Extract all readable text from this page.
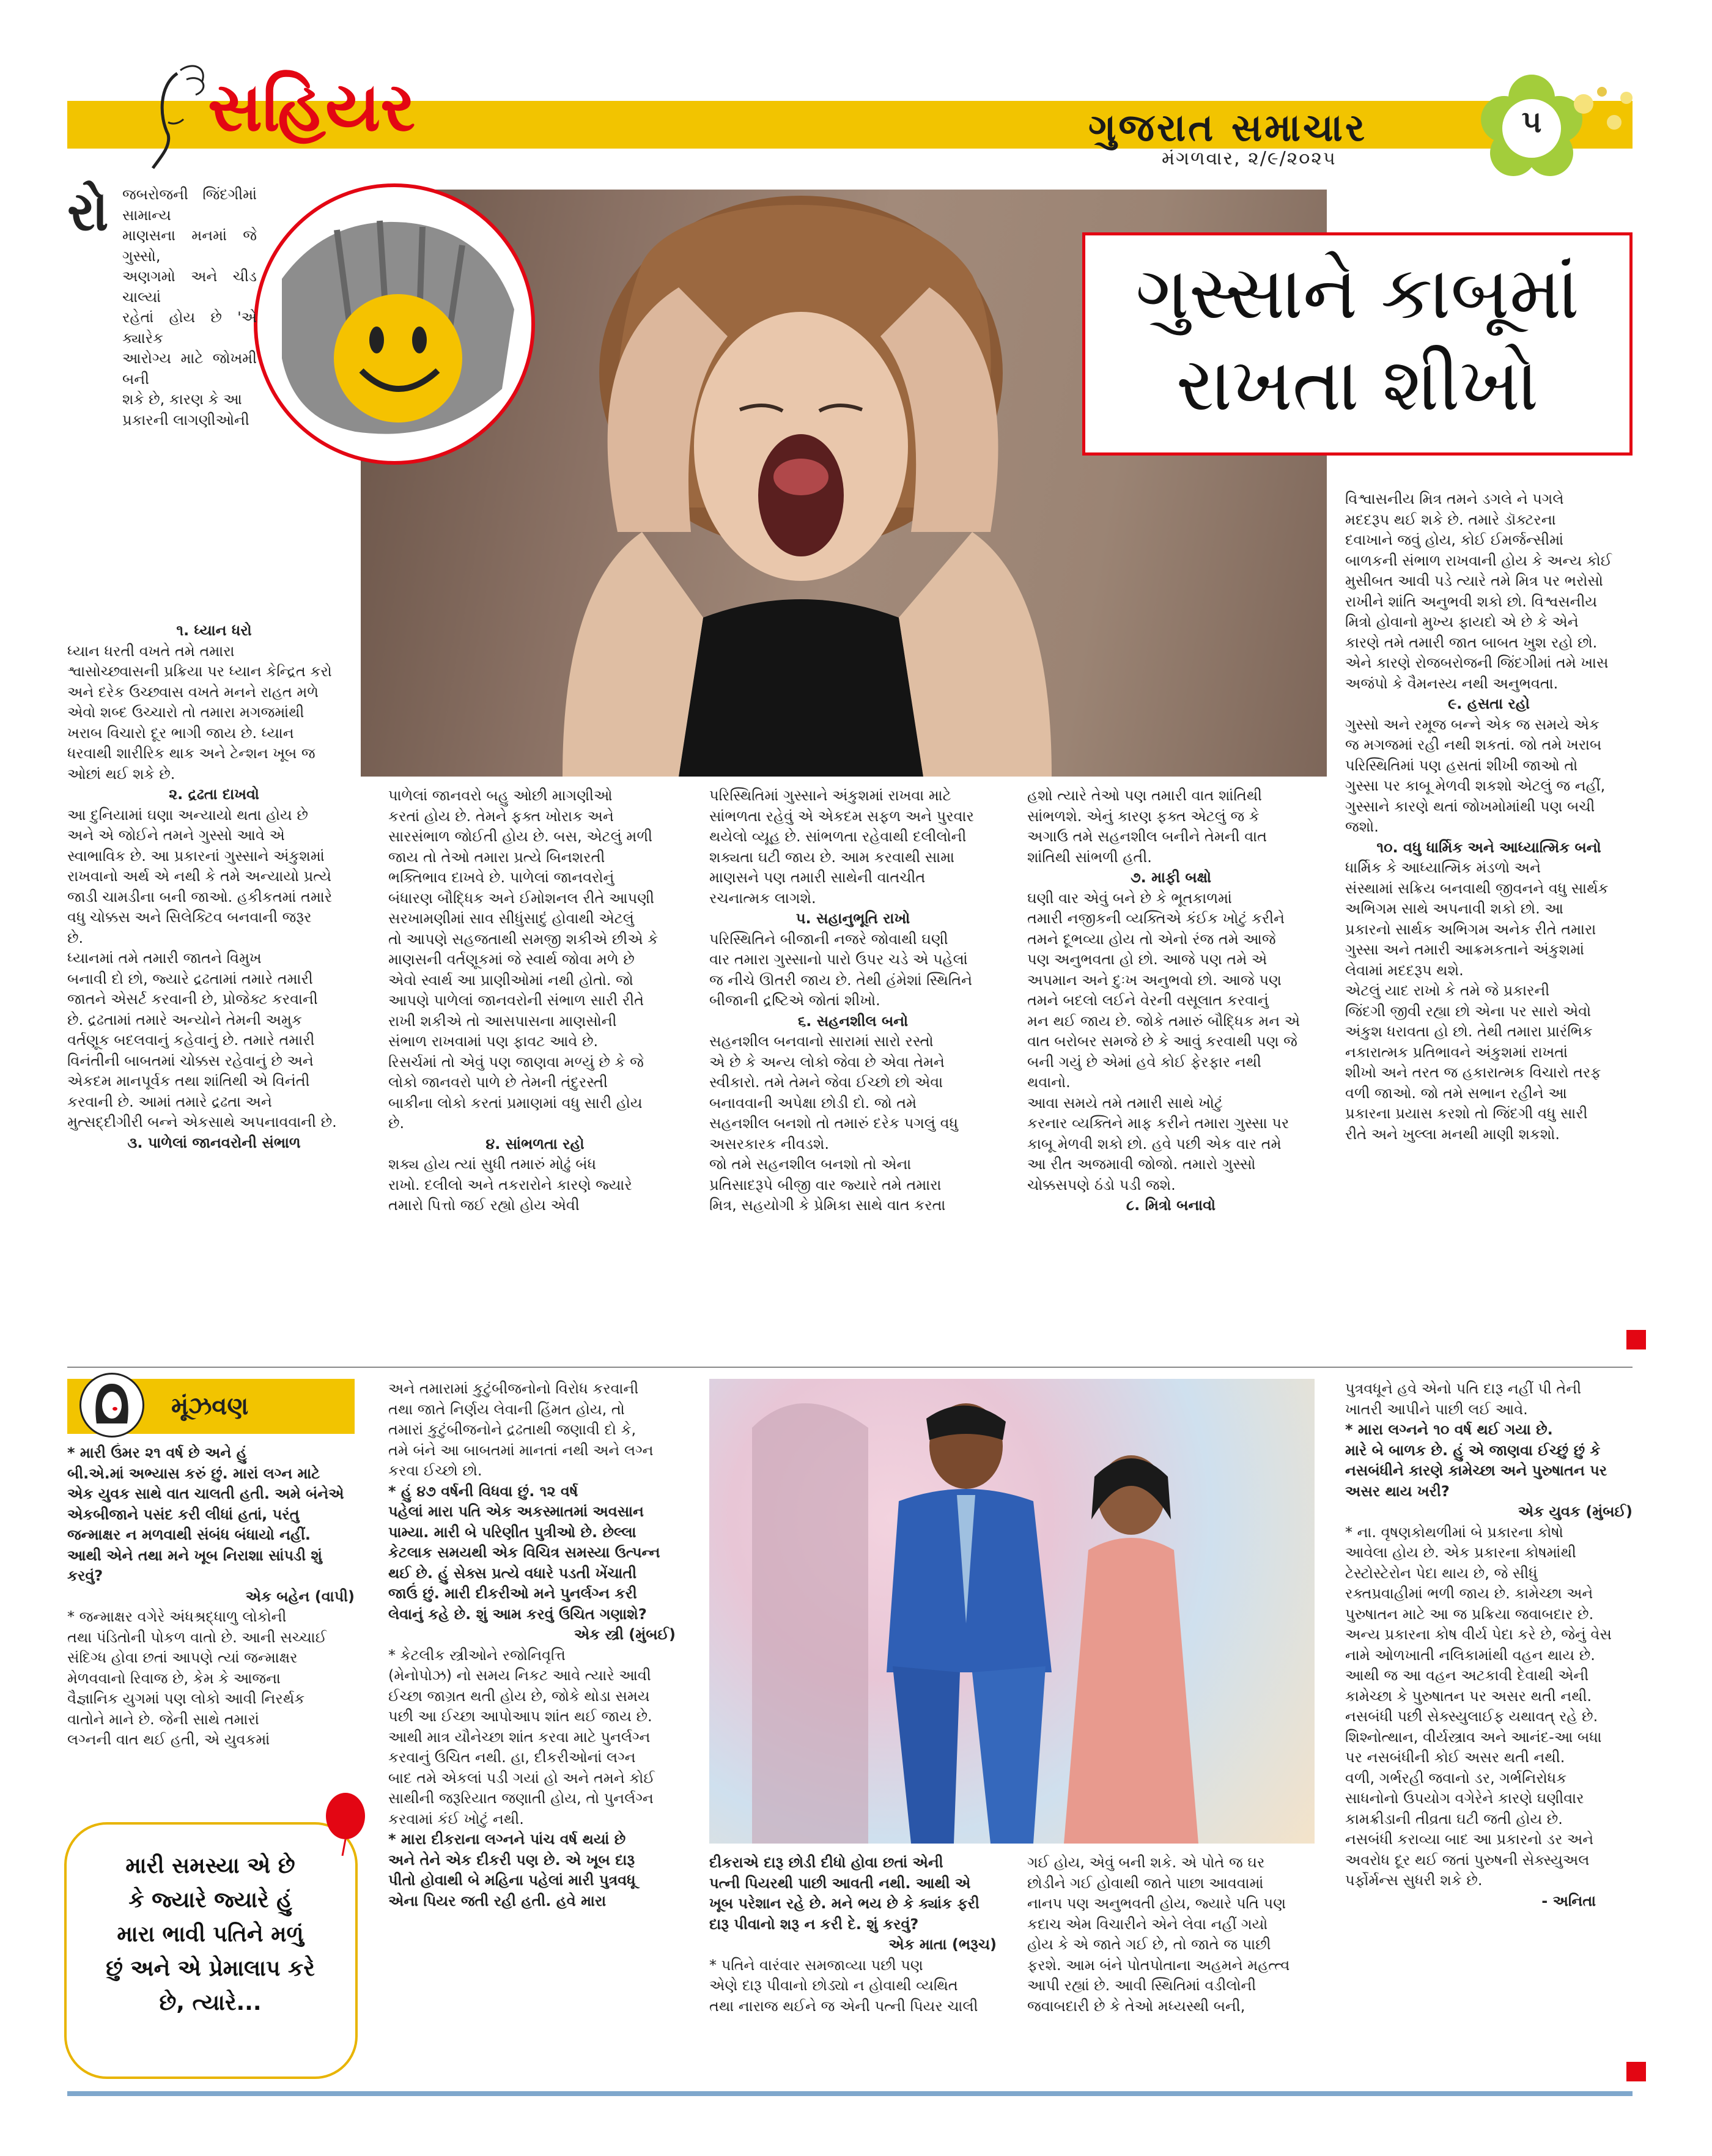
સહિયર	ગુજરાત સમાચાર
મંગળવાર, ૨/૯/૨૦૨૫
૫
ગુસ્સાને કાબૂમાં
રાખતા શીખો
રો જબરોજની જિંદગીમાં સામાન્ય
માણસના મનમાં જે ગુસ્સો,
અણગમો અને ચીડ ચાલ્યાં
રહેતાં હોય છે 'એ ક્યારેક
આરોગ્ય માટે જોખમી બની
શકે છે, કારણ કે આ
પ્રકારની લાગણીઓની

૧. ધ્યાન ધરો
ધ્યાન ધરતી વખતે તમે તમારા
શ્વાસોચ્છ્વાસની પ્રક્રિયા પર ધ્યાન કેન્દ્રિત કરો
અને દરેક ઉચ્છ્વાસ વખતે મનને રાહત મળે
એવો શબ્દ ઉચ્ચારો તો તમારા મગજમાંથી
ખરાબ વિચારો દૂર ભાગી જાય છે. ધ્યાન
ધરવાથી શારીરિક થાક અને ટેન્શન ખૂબ જ
ઓછાં થઈ શકે છે.

૨. દ્રઢતા દાખવો
આ દુનિયામાં ઘણા અન્યાયો થતા હોય છે
અને એ જોઈને તમને ગુસ્સો આવે એ
સ્વાભાવિક છે. આ પ્રકારનાં ગુસ્સાને અંકુશમાં
રાખવાનો અર્થ એ નથી કે તમે અન્યાયો પ્રત્યે
જાડી ચામડીના બની જાઓ. હકીકતમાં તમારે
વધુ ચોક્કસ અને સિલેક્ટિવ બનવાની જરૂર
છે.
ધ્યાનમાં તમે તમારી જાતને વિમુખ
બનાવી દો છો, જ્યારે દ્રઢતામાં તમારે તમારી
જાતને એસર્ટ કરવાની છે, પ્રોજેક્ટ કરવાની
છે. દ્રઢતામાં તમારે અન્યોને તેમની અમુક
વર્તણૂક બદલવાનું કહેવાનું છે. તમારે તમારી
વિનંતીની બાબતમાં ચોક્કસ રહેવાનું છે અને
એકદમ માનપૂર્વક તથા શાંતિથી એ વિનંતી
કરવાની છે. આમાં તમારે દ્રઢતા અને
મુત્સદ્દીગીરી બન્ને એકસાથે અપનાવવાની છે.

૩. પાળેલાં જાનવરોની સંભાળ
પાળેલાં જાનવરો બહુ ઓછી માગણીઓ
કરતાં હોય છે. તેમને ફક્ત ખોરાક અને
સારસંભાળ જોઈતી હોય છે. બસ, એટલું મળી
જાય તો તેઓ તમારા પ્રત્યે બિનશરતી
ભક્તિભાવ દાખવે છે. પાળેલાં જાનવરોનું
બંધારણ બૌદ્ધિક અને ઈમોશનલ રીતે આપણી
સરખામણીમાં સાવ સીધુંસાદું હોવાથી એટલું
તો આપણે સહજતાથી સમજી શકીએ છીએ કે
માણસની વર્તણૂકમાં જે સ્વાર્થ જોવા મળે છે
એવો સ્વાર્થ આ પ્રાણીઓમાં નથી હોતો. જો
આપણે પાળેલાં જાનવરોની સંભાળ સારી રીતે
રાખી શકીએ તો આસપાસના માણસોની
સંભાળ રાખવામાં પણ ફાવટ આવે છે.
રિસર્ચમાં તો એવું પણ જાણવા મળ્યું છે કે જે
લોકો જાનવરો પાળે છે તેમની તંદુરસ્તી
બાકીના લોકો કરતાં પ્રમાણમાં વધુ સારી હોય
છે.

૪. સાંભળતા રહો
શક્ય હોય ત્યાં સુધી તમારું મોઢું બંધ
રાખો. દલીલો અને તકરારોને કારણે જ્યારે
તમારો પિત્તો જઈ રહ્યો હોય એવી
પરિસ્થિતિમાં ગુસ્સાને અંકુશમાં રાખવા માટે
સાંભળતા રહેવું એ એકદમ સફળ અને પુરવાર
થયેલો વ્યૂહ છે. સાંભળતા રહેવાથી દલીલોની
શક્યતા ઘટી જાય છે. આમ કરવાથી સામા
માણસને પણ તમારી સાથેની વાતચીત
રચનાત્મક લાગશે.

૫. સહાનુભૂતિ રાખો
પરિસ્થિતિને બીજાની નજરે જોવાથી ઘણી
વાર તમારા ગુસ્સાનો પારો ઉપર ચડે એ પહેલાં
જ નીચે ઊતરી જાય છે. તેથી હંમેશાં સ્થિતિને
બીજાની દ્રષ્ટિએ જોતાં શીખો.

૬. સહનશીલ બનો
સહનશીલ બનવાનો સારામાં સારો રસ્તો
એ છે કે અન્ય લોકો જેવા છે એવા તેમને
સ્વીકારો. તમે તેમને જેવા ઈચ્છો છો એવા
બનાવવાની અપેક્ષા છોડી દો. જો તમે
સહનશીલ બનશો તો તમારું દરેક પગલું વધુ
અસરકારક નીવડશે.
જો તમે સહનશીલ બનશો તો એના
પ્રતિસાદરૂપે બીજી વાર જ્યારે તમે તમારા
મિત્ર, સહયોગી કે પ્રેમિકા સાથે વાત કરતા
હશો ત્યારે તેઓ પણ તમારી વાત શાંતિથી
સાંભળશે. એનું કારણ ફક્ત એટલું જ કે
અગાઉ તમે સહનશીલ બનીને તેમની વાત
શાંતિથી સાંભળી હતી.

૭. માફી બક્ષો
ઘણી વાર એવું બને છે કે ભૂતકાળમાં
તમારી નજીકની વ્યક્તિએ કંઈક ખોટું કરીને
તમને દૂભવ્યા હોય તો એનો રંજ તમે આજે
પણ અનુભવતા હો છો. આજે પણ તમે એ
અપમાન અને દુઃખ અનુભવો છો. આજે પણ
તમને બદલો લઈને વેરની વસૂલાત કરવાનું
મન થઈ જાય છે. જોકે તમારું બૌદ્ધિક મન એ
વાત બરોબર સમજે છે કે આવું કરવાથી પણ જે
બની ગયું છે એમાં હવે કોઈ ફેરફાર નથી
થવાનો.
આવા સમયે તમે તમારી સાથે ખોટું
કરનાર વ્યક્તિને માફ કરીને તમારા ગુસ્સા પર
કાબૂ મેળવી શકો છો. હવે પછી એક વાર તમે
આ રીત અજમાવી જોજો. તમારો ગુસ્સો
ચોક્કસપણે ઠંડો પડી જશે.

૮. મિત્રો બનાવો
વિશ્વાસનીય મિત્ર તમને ડગલે ને પગલે
મદદરૂપ થઈ શકે છે. તમારે ડૉક્ટરના
દવાખાને જવું હોય, કોઈ ઈમર્જન્સીમાં
બાળકની સંભાળ રાખવાની હોય કે અન્ય કોઈ
મુસીબત આવી પડે ત્યારે તમે મિત્ર પર ભરોસો
રાખીને શાંતિ અનુભવી શકો છો. વિશ્વસનીય
મિત્રો હોવાનો મુખ્ય ફાયદો એ છે કે એને
કારણે તમે તમારી જાત બાબત ખુશ રહો છો.
એને કારણે રોજબરોજની જિંદગીમાં તમે ખાસ
અજંપો કે વૈમનસ્ય નથી અનુભવતા.

૯. હસતા રહો
ગુસ્સો અને રમૂજ બન્ને એક જ સમયે એક
જ મગજમાં રહી નથી શકતાં. જો તમે ખરાબ
પરિસ્થિતિમાં પણ હસતાં શીખી જાઓ તો
ગુસ્સા પર કાબૂ મેળવી શકશો એટલું જ નહીં,
ગુસ્સાને કારણે થતાં જોખમોમાંથી પણ બચી
જશો.

૧૦. વધુ ધાર્મિક અને આધ્યાત્મિક બનો
ધાર્મિક કે આધ્યાત્મિક મંડળો અને
સંસ્થામાં સક્રિય બનવાથી જીવનને વધુ સાર્થક
અભિગમ સાથે અપનાવી શકો છો. આ
પ્રકારનો સાર્થક અભિગમ અનેક રીતે તમારા
ગુસ્સા અને તમારી આક્રમકતાને અંકુશમાં
લેવામાં મદદરૂપ થશે.
એટલું યાદ રાખો કે તમે જે પ્રકારની
જિંદગી જીવી રહ્યા છો એના પર સારો એવો
અંકુશ ધરાવતા હો છો. તેથી તમારા પ્રારંભિક
નકારાત્મક પ્રતિભાવને અંકુશમાં રાખતાં
શીખો અને તરત જ હકારાત્મક વિચારો તરફ
વળી જાઓ. જો તમે સભાન રહીને આ
પ્રકારના પ્રયાસ કરશો તો જિંદગી વધુ સારી
રીતે અને ખુલ્લા મનથી માણી શકશો.
મૂંઝવણ
* મારી ઉંમર ૨૧ વર્ષ છે અને હું
બી.એ.માં અભ્યાસ કરું છું. મારાં લગ્ન માટે
એક યુવક સાથે વાત ચાલતી હતી. અમે બંનેએ
એકબીજાને પસંદ કરી લીધાં હતાં, પરંતુ
જન્માક્ષર ન મળવાથી સંબંધ બંધાયો નહીં.
આથી એને તથા મને ખૂબ નિરાશા સાંપડી શું
કરવું?

એક બહેન (વાપી)
* જન્માક્ષર વગેરે અંધશ્રદ્ધાળુ લોકોની
તથા પંડિતોની પોકળ વાતો છે. આની સચ્ચાઈ
સંદિગ્ધ હોવા છતાં આપણે ત્યાં જન્માક્ષર
મેળવવાનો રિવાજ છે, કેમ કે આજના
વૈજ્ઞાનિક યુગમાં પણ લોકો આવી નિરર્થક
વાતોને માને છે. જેની સાથે તમારાં
લગ્નની વાત થઈ હતી, એ યુવકમાં
મારી સમસ્યા એ છે
કે જ્યારે જ્યારે હું
મારા ભાવી પતિને મળું
છું અને એ પ્રેમાલાપ કરે
છે, ત્યારે...
અને તમારામાં કુટુંબીજનોનો વિરોધ કરવાની
તથા જાતે નિર્ણય લેવાની હિંમત હોય, તો
તમારાં કુટુંબીજનોને દ્રઢતાથી જણાવી દો કે,
તમે બંને આ બાબતમાં માનતાં નથી અને લગ્ન
કરવા ઈચ્છો છો.
* હું ૪૭ વર્ષની વિધવા છું. ૧૨ વર્ષ
પહેલાં મારા પતિ એક અકસ્માતમાં અવસાન
પામ્યા. મારી બે પરિણીત પુત્રીઓ છે. છેલ્લા
કેટલાક સમયથી એક વિચિત્ર સમસ્યા ઉત્પન્ન
થઈ છે. હું સેક્સ પ્રત્યે વધારે પડતી ખેંચાતી
જાઉં છું. મારી દીકરીઓ મને પુનર્લગ્ન કરી
લેવાનું કહે છે. શું આમ કરવું ઉચિત ગણાશે?

એક સ્ત્રી (મુંબઈ)
* કેટલીક સ્ત્રીઓને રજોનિવૃત્તિ
(મેનોપોઝ) નો સમય નિકટ આવે ત્યારે આવી
ઈચ્છા જાગ્રત થતી હોય છે, જોકે થોડા સમય
પછી આ ઈચ્છા આપોઆપ શાંત થઈ જાય છે.
આથી માત્ર યૌનેચ્છા શાંત કરવા માટે પુનર્લગ્ન
કરવાનું ઉચિત નથી. હા, દીકરીઓનાં લગ્ન
બાદ તમે એકલાં પડી ગયાં હો અને તમને કોઈ
સાથીની જરૂરિયાત જણાતી હોય, તો પુનર્લગ્ન
કરવામાં કંઈ ખોટું નથી.
* મારા દીકરાના લગ્નને પાંચ વર્ષ થયાં છે
અને તેને એક દીકરી પણ છે. એ ખૂબ દારૂ
પીતો હોવાથી બે મહિના પહેલાં મારી પુત્રવધૂ
એના પિયર જતી રહી હતી. હવે મારા
દીકરાએ દારૂ છોડી દીધો હોવા છતાં એની
પત્ની પિયરથી પાછી આવતી નથી. આથી એ
ખૂબ પરેશાન રહે છે. મને ભય છે કે ક્યાંક ફરી
દારૂ પીવાનો શરૂ ન કરી દે. શું કરવું?

એક માતા (ભરૂચ)
* પતિને વારંવાર સમજાવ્યા પછી પણ
એણે દારૂ પીવાનો છોડ્યો ન હોવાથી વ્યથિત
તથા નારાજ થઈને જ એની પત્ની પિયર ચાલી
ગઈ હોય, એવું બની શકે. એ પોતે જ ઘર
છોડીને ગઈ હોવાથી જાતે પાછા આવવામાં
નાનપ પણ અનુભવતી હોય, જ્યારે પતિ પણ
કદાચ એમ વિચારીને એને લેવા નહીં ગયો
હોય કે એ જાતે ગઈ છે, તો જાતે જ પાછી
ફરશે. આમ બંને પોતપોતાના અહમને મહત્ત્વ
આપી રહ્યાં છે. આવી સ્થિતિમાં વડીલોની
જવાબદારી છે કે તેઓ મધ્યસ્થી બની,
પુત્રવધૂને હવે એનો પતિ દારૂ નહીં પી તેની
ખાતરી આપીને પાછી લઈ આવે.
* મારા લગ્નને ૧૦ વર્ષ થઈ ગયા છે.
મારે બે બાળક છે. હું એ જાણવા ઈચ્છું છું કે
નસબંધીને કારણે કામેચ્છા અને પુરુષાતન પર
અસર થાય ખરી?

એક યુવક (મુંબઈ)
* ના. વૃષણકોથળીમાં બે પ્રકારના કોષો
આવેલા હોય છે. એક પ્રકારના કોષમાંથી
ટેસ્ટોસ્ટેરોન પેદા થાય છે, જે સીધું
રક્તપ્રવાહીમાં ભળી જાય છે. કામેચ્છા અને
પુરુષાતન માટે આ જ પ્રક્રિયા જવાબદાર છે.
અન્ય પ્રકારના કોષ વીર્ય પેદા કરે છે, જેનું વેસ
નામે ઓળખાતી નલિકામાંથી વહન થાય છે.
આથી જ આ વહન અટકાવી દેવાથી એની
કામેચ્છા કે પુરુષાતન પર અસર થતી નથી.
નસબંધી પછી સેક્સ્યુલાઈફ યથાવત્ રહે છે.
શિશ્નોત્થાન, વીર્યસ્ત્રાવ અને આનંદ-આ બધા
પર નસબંધીની કોઈ અસર થતી નથી.
વળી, ગર્ભરહી જવાનો ડર, ગર્ભનિરોધક
સાધનોનો ઉપયોગ વગેરેને કારણે ઘણીવાર
કામક્રીડાની તીવ્રતા ઘટી જતી હોય છે.
નસબંધી કરાવ્યા બાદ આ પ્રકારનો ડર અને
અવરોધ દૂર થઈ જતાં પુરુષની સેક્સ્યુઅલ
પર્ફોર્મન્સ સુધરી શકે છે.

- અનિતા
